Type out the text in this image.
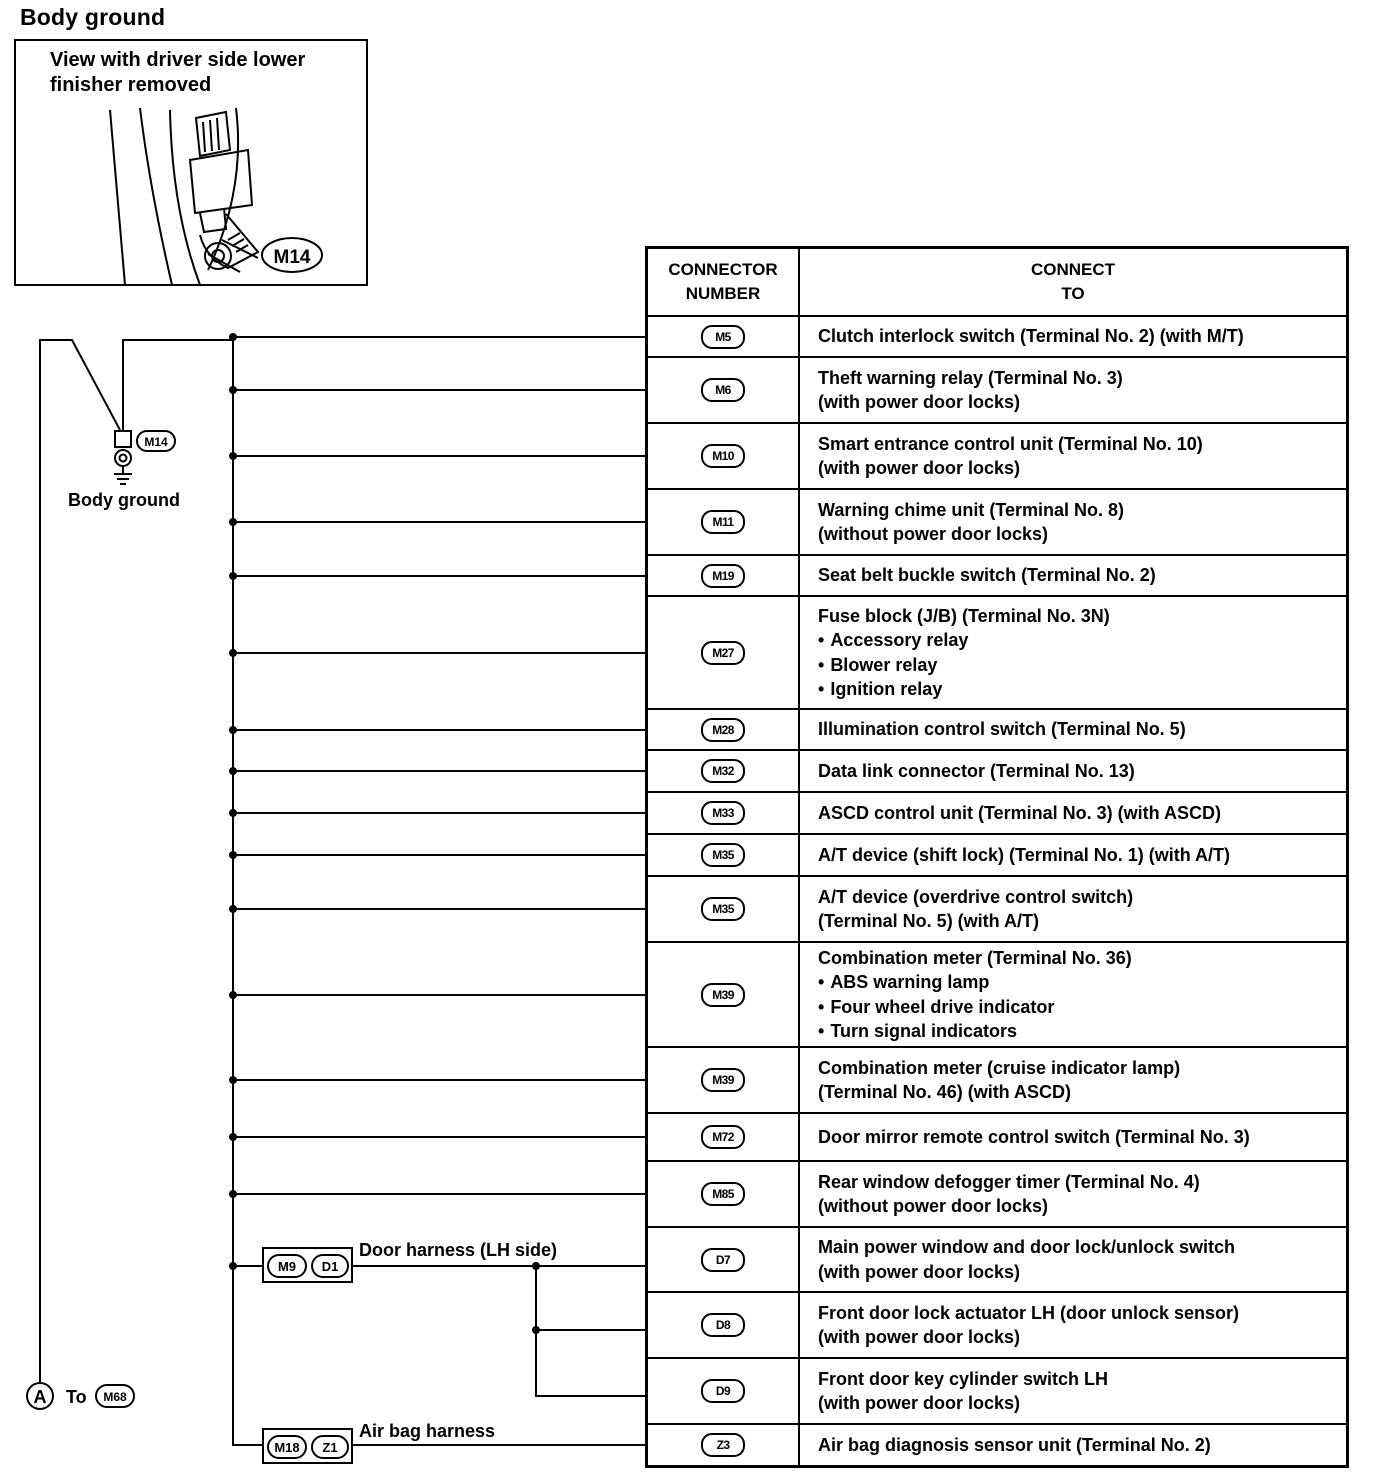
Body ground
M14
M14
Body ground
A To M68
M9 D1
Door harness (LH side)
M18 Z1
Air bag harness
View with driver side lower
finisher removed
CONNECTOR
NUMBER	CONNECT
TO
M5	Clutch interlock switch (Terminal No. 2) (with M/T)

M6	Theft warning relay (Terminal No. 3)
(with power door locks)

M10	Smart entrance control unit (Terminal No. 10)
(with power door locks)

M11	Warning chime unit (Terminal No. 8)
(without power door locks)

M19	Seat belt buckle switch (Terminal No. 2)

M27	Fuse block (J/B) (Terminal No. 3N)
• Accessory relay
• Blower relay
• Ignition relay

M28	Illumination control switch (Terminal No. 5)

M32	Data link connector (Terminal No. 13)

M33	ASCD control unit (Terminal No. 3) (with ASCD)

M35	A/T device (shift lock) (Terminal No. 1) (with A/T)

M35	A/T device (overdrive control switch)
(Terminal No. 5) (with A/T)

M39	Combination meter (Terminal No. 36)
• ABS warning lamp
• Four wheel drive indicator
• Turn signal indicators

M39	Combination meter (cruise indicator lamp)
(Terminal No. 46) (with ASCD)

M72	Door mirror remote control switch (Terminal No. 3)

M85	Rear window defogger timer (Terminal No. 4)
(without power door locks)

D7	Main power window and door lock/unlock switch
(with power door locks)

D8	Front door lock actuator LH (door unlock sensor)
(with power door locks)

D9	Front door key cylinder switch LH
(with power door locks)

Z3	Air bag diagnosis sensor unit (Terminal No. 2)
